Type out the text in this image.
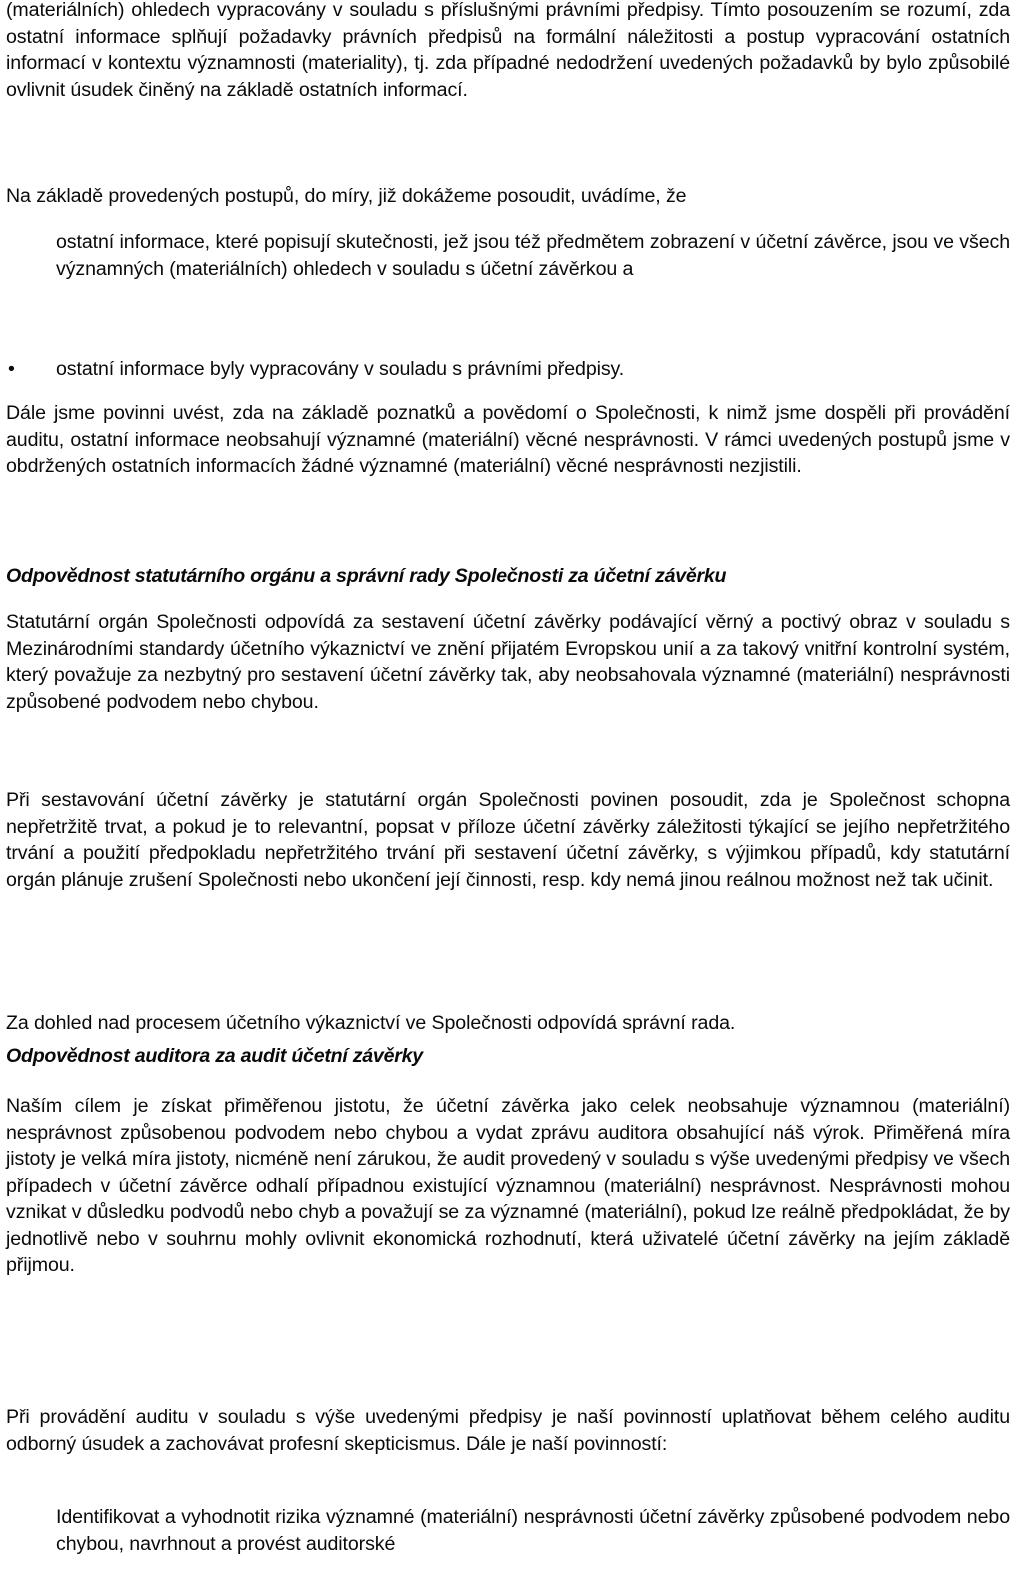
(materiálních) ohledech vypracovány v souladu s příslušnými právními předpisy. Tímto posouzením se rozumí, zda ostatní informace splňují požadavky právních předpisů na formální náležitosti a postup vypracování ostatních informací v kontextu významnosti (materiality), tj. zda případné nedodržení uvedených požadavků by bylo způsobilé ovlivnit úsudek činěný na základě ostatních informací.

Na základě provedených postupů, do míry, již dokážeme posoudit, uvádíme, že

ostatní informace, které popisují skutečnosti, jež jsou též předmětem zobrazení v účetní závěrce, jsou ve všech významných (materiálních) ohledech v souladu s účetní závěrkou a
• ostatní informace byly vypracovány v souladu s právními předpisy.

Dále jsme povinni uvést, zda na základě poznatků a povědomí o Společnosti, k nimž jsme dospěli při provádění auditu, ostatní informace neobsahují významné (materiální) věcné nesprávnosti. V rámci uvedených postupů jsme v obdržených ostatních informacích žádné významné (materiální) věcné nesprávnosti nezjistili.

Odpovědnost statutárního orgánu a správní rady Společnosti za účetní závěrku

Statutární orgán Společnosti odpovídá za sestavení účetní závěrky podávající věrný a poctivý obraz v souladu s Mezinárodními standardy účetního výkaznictví ve znění přijatém Evropskou unií a za takový vnitřní kontrolní systém, který považuje za nezbytný pro sestavení účetní závěrky tak, aby neobsahovala významné (materiální) nesprávnosti způsobené podvodem nebo chybou.

Při sestavování účetní závěrky je statutární orgán Společnosti povinen posoudit, zda je Společnost schopna nepřetržitě trvat, a pokud je to relevantní, popsat v příloze účetní závěrky záležitosti týkající se jejího nepřetržitého trvání a použití předpokladu nepřetržitého trvání při sestavení účetní závěrky, s výjimkou případů, kdy statutární orgán plánuje zrušení Společnosti nebo ukončení její činnosti, resp. kdy nemá jinou reálnou možnost než tak učinit.

Za dohled nad procesem účetního výkaznictví ve Společnosti odpovídá správní rada.

Odpovědnost auditora za audit účetní závěrky

Naším cílem je získat přiměřenou jistotu, že účetní závěrka jako celek neobsahuje významnou (materiální) nesprávnost způsobenou podvodem nebo chybou a vydat zprávu auditora obsahující náš výrok. Přiměřená míra jistoty je velká míra jistoty, nicméně není zárukou, že audit provedený v souladu s výše uvedenými předpisy ve všech případech v účetní závěrce odhalí případnou existující významnou (materiální) nesprávnost. Nesprávnosti mohou vznikat v důsledku podvodů nebo chyb a považují se za významné (materiální), pokud lze reálně předpokládat, že by jednotlivě nebo v souhrnu mohly ovlivnit ekonomická rozhodnutí, která uživatelé účetní závěrky na jejím základě přijmou.

Při provádění auditu v souladu s výše uvedenými předpisy je naší povinností uplatňovat během celého auditu odborný úsudek a zachovávat profesní skepticismus. Dále je naší povinností:

Identifikovat a vyhodnotit rizika významné (materiální) nesprávnosti účetní závěrky způsobené podvodem nebo chybou, navrhnout a provést auditorské
